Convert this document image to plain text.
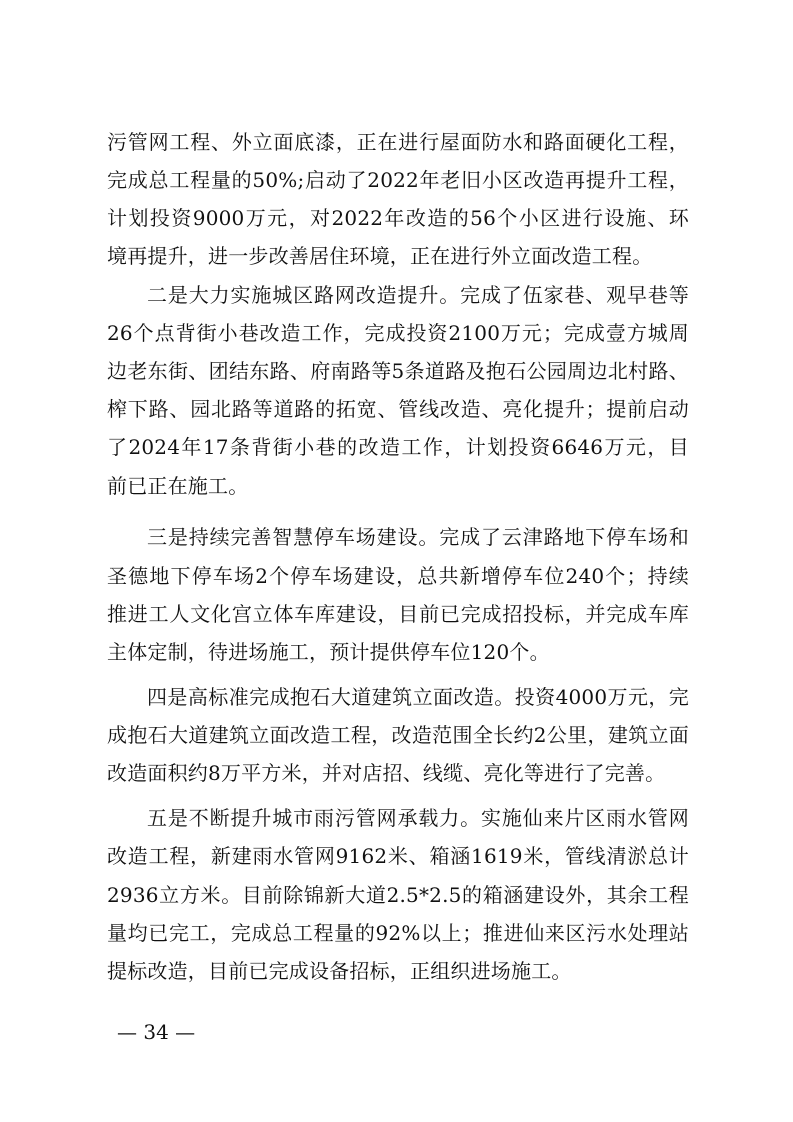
污管网工程、外立面底漆，正在进行屋面防水和路面硬化工程，
完成总工程量的50%;启动了2022年老旧小区改造再提升工程，
计划投资9000万元，对2022年改造的56个小区进行设施、环
境再提升，进一步改善居住环境，正在进行外立面改造工程。
二是大力实施城区路网改造提升。完成了伍家巷、观早巷等
26个点背街小巷改造工作，完成投资2100万元；完成壹方城周
边老东街、团结东路、府南路等5条道路及抱石公园周边北村路、
榨下路、园北路等道路的拓宽、管线改造、亮化提升；提前启动
了2024年17条背街小巷的改造工作，计划投资6646万元，目
前已正在施工。
三是持续完善智慧停车场建设。完成了云津路地下停车场和
圣德地下停车场2个停车场建设，总共新增停车位240个；持续
推进工人文化宫立体车库建设，目前已完成招投标，并完成车库
主体定制，待进场施工，预计提供停车位120个。
四是高标准完成抱石大道建筑立面改造。投资4000万元，完
成抱石大道建筑立面改造工程，改造范围全长约2公里，建筑立面
改造面积约8万平方米，并对店招、线缆、亮化等进行了完善。
五是不断提升城市雨污管网承载力。实施仙来片区雨水管网
改造工程，新建雨水管网9162米、箱涵1619米，管线清淤总计
2936立方米。目前除锦新大道2.5*2.5的箱涵建设外，其余工程
量均已完工，完成总工程量的92%以上；推进仙来区污水处理站
提标改造，目前已完成设备招标，正组织进场施工。
— 34 —
